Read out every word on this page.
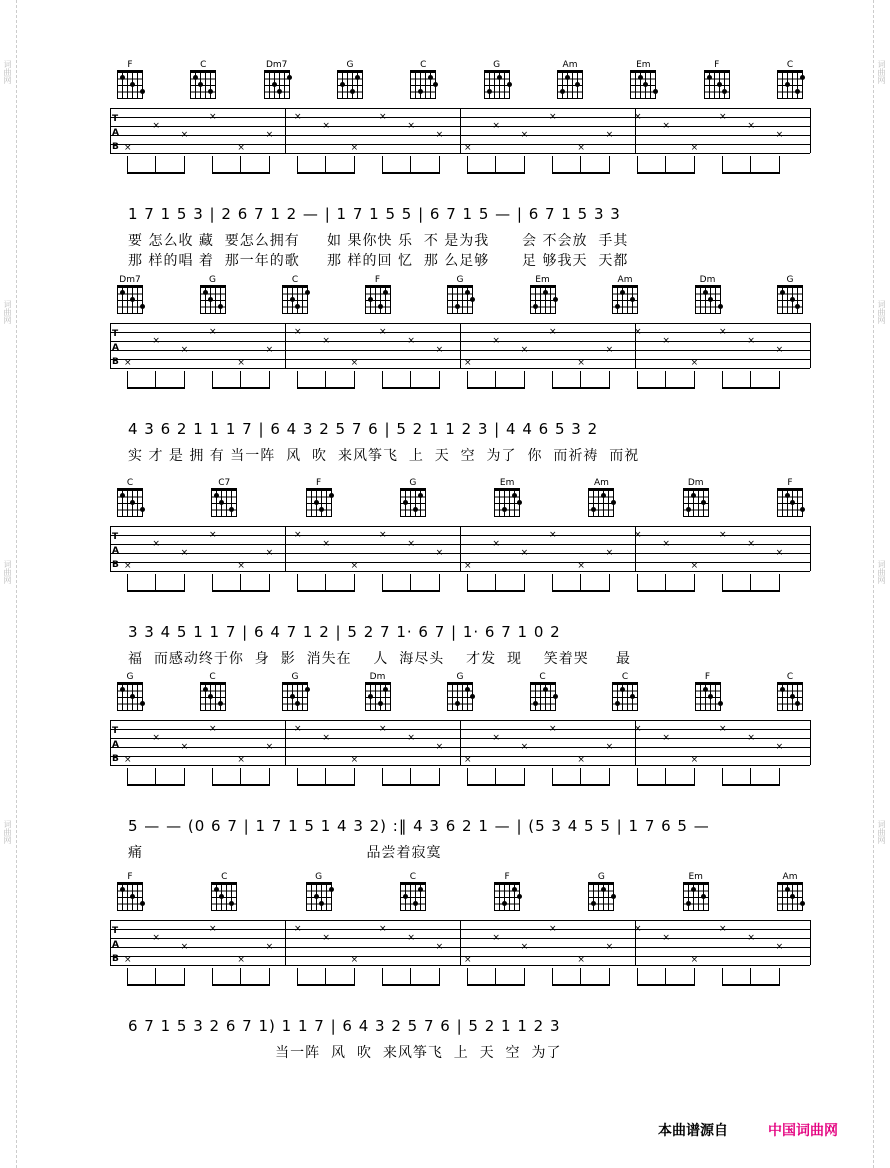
词曲网
词曲网
词曲网
词曲网
词曲网
词曲网
词曲网
词曲网
F	C	Dm7	G	C	G	Am	Em	F	C
T
A
B ×
×
×
×
×
×
×
×
×
×
×
×
×
×
×
×
×
×
×
×
×
×
×
×
1 7 1 5 3 | 2 6 7 1 2 — | 1 7 1 5 5 | 6 7 1 5 — | 6 7 1 5 3 3
要 怎么收 藏  要怎么拥有     如 果你快 乐  不 是为我      会 不会放  手其
那 样的唱 着  那一年的歌     那 样的回 忆  那 么足够      足 够我天  天都
Dm7	G	C	F	G	Em	Am	Dm	G
T
A
B ×
×
×
×
×
×
×
×
×
×
×
×
×
×
×
×
×
×
×
×
×
×
×
×
4 3 6 2 1 1 1 7 | 6 4 3 2 5 7 6 | 5 2 1 1 2 3 | 4 4 6 5 3 2
实 才 是 拥 有 当一阵  风  吹  来风筝飞  上  天  空  为了  你  而祈祷  而祝
C	C7	F	G	Em	Am	Dm	F
T
A
B ×
×
×
×
×
×
×
×
×
×
×
×
×
×
×
×
×
×
×
×
×
×
×
×
3 3 4 5 1 1 7 | 6 4 7 1 2 | 5 2 7 1· 6 7 | 1· 6 7 1 0 2
福  而感动终于你  身  影  消失在    人  海尽头    才发  现    笑着哭     最
G	C	G	Dm	G	C	C	F	C
T
A
B ×
×
×
×
×
×
×
×
×
×
×
×
×
×
×
×
×
×
×
×
×
×
×
×
5 — — (0 6 7 | 1 7 1 5 1 4 3 2) :‖ 4 3 6 2 1 — | (5 3 4 5 5 | 1 7 6 5 —
痛                                         品尝着寂寞
F	C	G	C	F	G	Em	Am
T
A
B ×
×
×
×
×
×
×
×
×
×
×
×
×
×
×
×
×
×
×
×
×
×
×
×
6 7 1 5 3 2 6 7 1) 1 1 7 | 6 4 3 2 5 7 6 | 5 2 1 1 2 3
当一阵  风  吹  来风筝飞  上  天  空  为了
本曲谱源自	中国词曲网
